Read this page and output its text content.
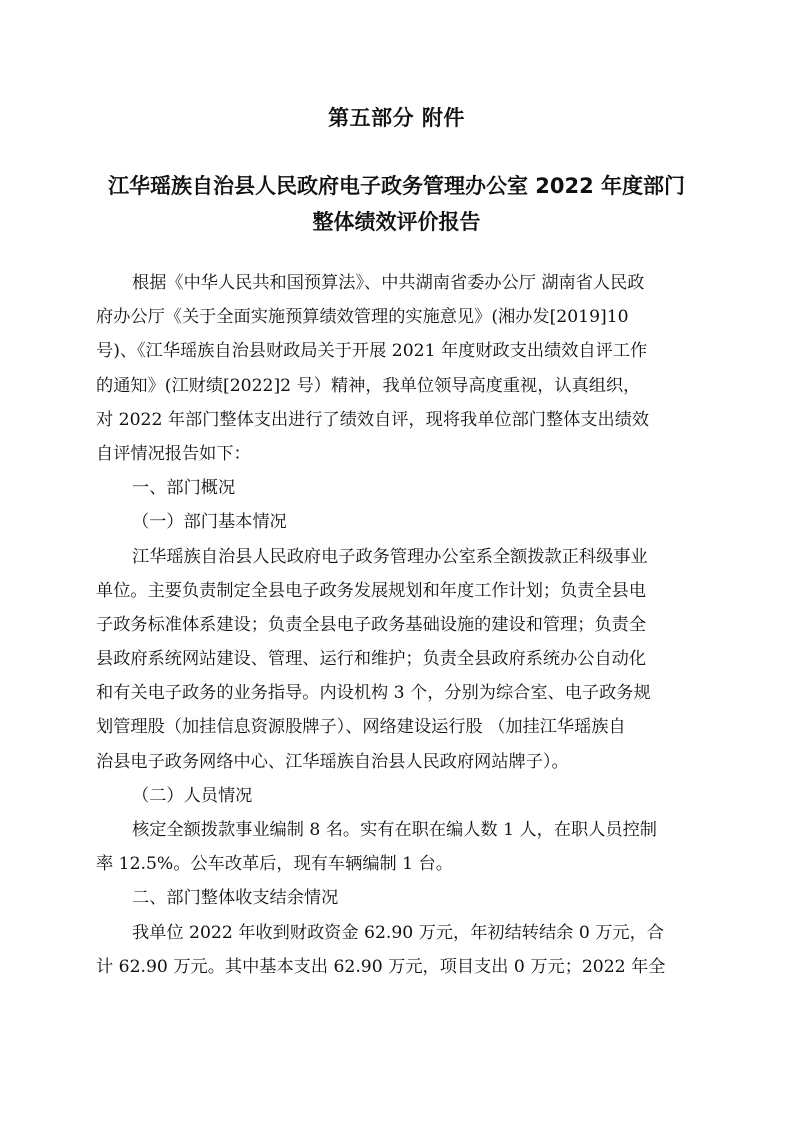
第五部分 附件
江华瑶族自治县人民政府电子政务管理办公室 2022 年度部门
整体绩效评价报告
根据《中华人民共和国预算法》、中共湖南省委办公厅 湖南省人民政
府办公厅《关于全面实施预算绩效管理的实施意见》(湘办发[2019]10
号)、《江华瑶族自治县财政局关于开展 2021 年度财政支出绩效自评工作
的通知》(江财绩[2022]2 号）精神，我单位领导高度重视，认真组织，
对 2022 年部门整体支出进行了绩效自评，现将我单位部门整体支出绩效
自评情况报告如下：
一、部门概况
（一）部门基本情况
江华瑶族自治县人民政府电子政务管理办公室系全额拨款正科级事业
单位。主要负责制定全县电子政务发展规划和年度工作计划；负责全县电
子政务标准体系建设；负责全县电子政务基础设施的建设和管理；负责全
县政府系统网站建设、管理、运行和维护；负责全县政府系统办公自动化
和有关电子政务的业务指导。内设机构 3 个，分别为综合室、电子政务规
划管理股（加挂信息资源股牌子）、网络建设运行股 （加挂江华瑶族自
治县电子政务网络中心、江华瑶族自治县人民政府网站牌子）。
（二）人员情况
核定全额拨款事业编制 8 名。实有在职在编人数 1 人，在职人员控制
率 12.5%。公车改革后，现有车辆编制 1 台。
二、部门整体收支结余情况
我单位 2022 年收到财政资金 62.90 万元，年初结转结余 0 万元，合
计 62.90 万元。其中基本支出 62.90 万元，项目支出 0 万元；2022 年全
